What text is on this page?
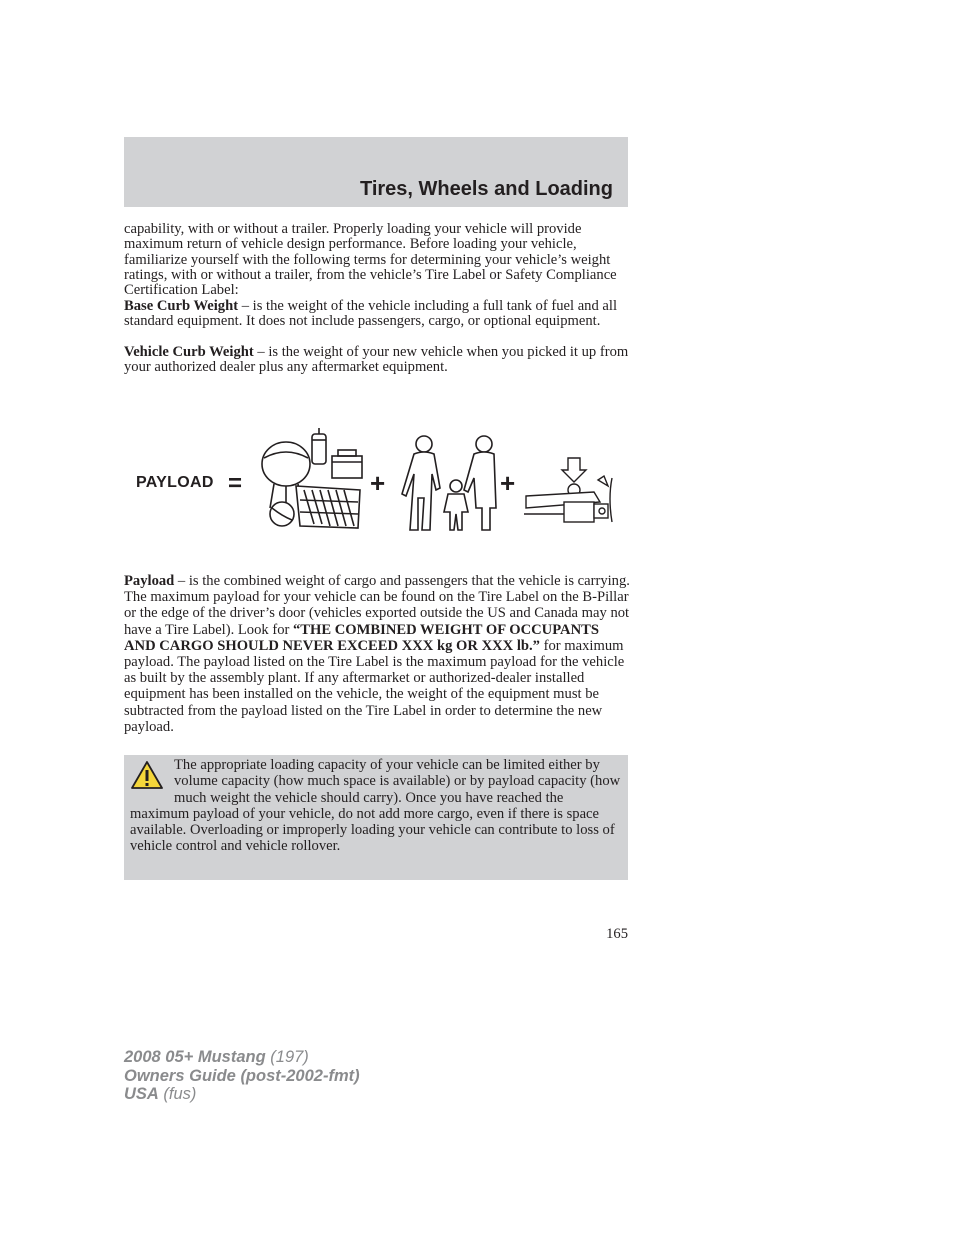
Tires, Wheels and Loading

capability, with or without a trailer. Properly loading your vehicle will provide maximum return of vehicle design performance. Before loading your vehicle, familiarize yourself with the following terms for determining your vehicle’s weight ratings, with or without a trailer, from the vehicle’s Tire Label or Safety Compliance Certification Label:

Base Curb Weight – is the weight of the vehicle including a full tank of fuel and all standard equipment. It does not include passengers, cargo, or optional equipment.

Vehicle Curb Weight – is the weight of your new vehicle when you picked it up from your authorized dealer plus any aftermarket equipment.

PAYLOAD =	+	+

Payload – is the combined weight of cargo and passengers that the vehicle is carrying. The maximum payload for your vehicle can be found on the Tire Label on the B-Pillar or the edge of the driver’s door (vehicles exported outside the US and Canada may not have a Tire Label). Look for “THE COMBINED WEIGHT OF OCCUPANTS AND CARGO SHOULD NEVER EXCEED XXX kg OR XXX lb.” for maximum payload. The payload listed on the Tire Label is the maximum payload for the vehicle as built by the assembly plant. If any aftermarket or authorized-dealer installed equipment has been installed on the vehicle, the weight of the equipment must be subtracted from the payload listed on the Tire Label in order to determine the new payload.

The appropriate loading capacity of your vehicle can be limited either by volume capacity (how much space is available) or by payload capacity (how much weight the vehicle should carry). Once you have reached the maximum payload of your vehicle, do not add more cargo, even if there is space available. Overloading or improperly loading your vehicle can contribute to loss of vehicle control and vehicle rollover.

165
2008 05+ Mustang (197)
Owners Guide (post-2002-fmt)
USA (fus)
